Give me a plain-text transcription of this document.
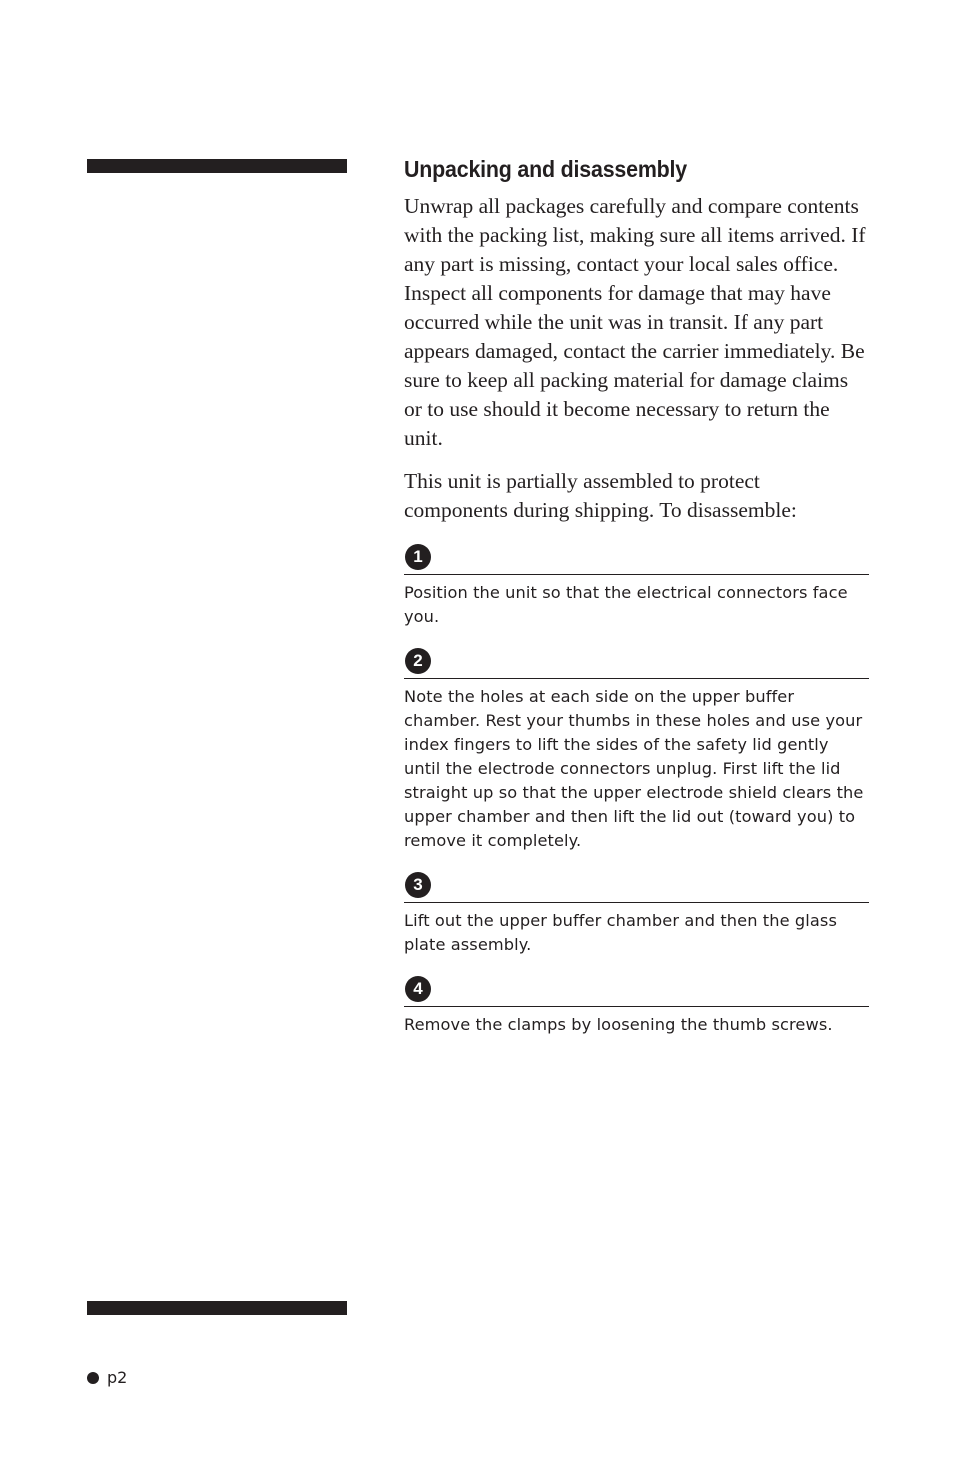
Unpacking and disassembly

Unwrap all packages carefully and compare contents with the packing list, making sure all items arrived. If any part is missing, contact your local sales office. Inspect all components for damage that may have occurred while the unit was in transit. If any part appears damaged, contact the carrier immediately. Be sure to keep all packing material for damage claims or to use should it become necessary to return the unit.

This unit is partially assembled to protect components during shipping. To disassemble:

1

Position the unit so that the electrical connectors face you.

2

Note the holes at each side on the upper buffer chamber. Rest your thumbs in these holes and use your index fingers to lift the sides of the safety lid gently until the electrode connectors unplug. First lift the lid straight up so that the upper electrode shield clears the upper chamber and then lift the lid out (toward you) to remove it completely.

3

Lift out the upper buffer chamber and then the glass plate assembly.

4

Remove the clamps by loosening the thumb screws.

p2
